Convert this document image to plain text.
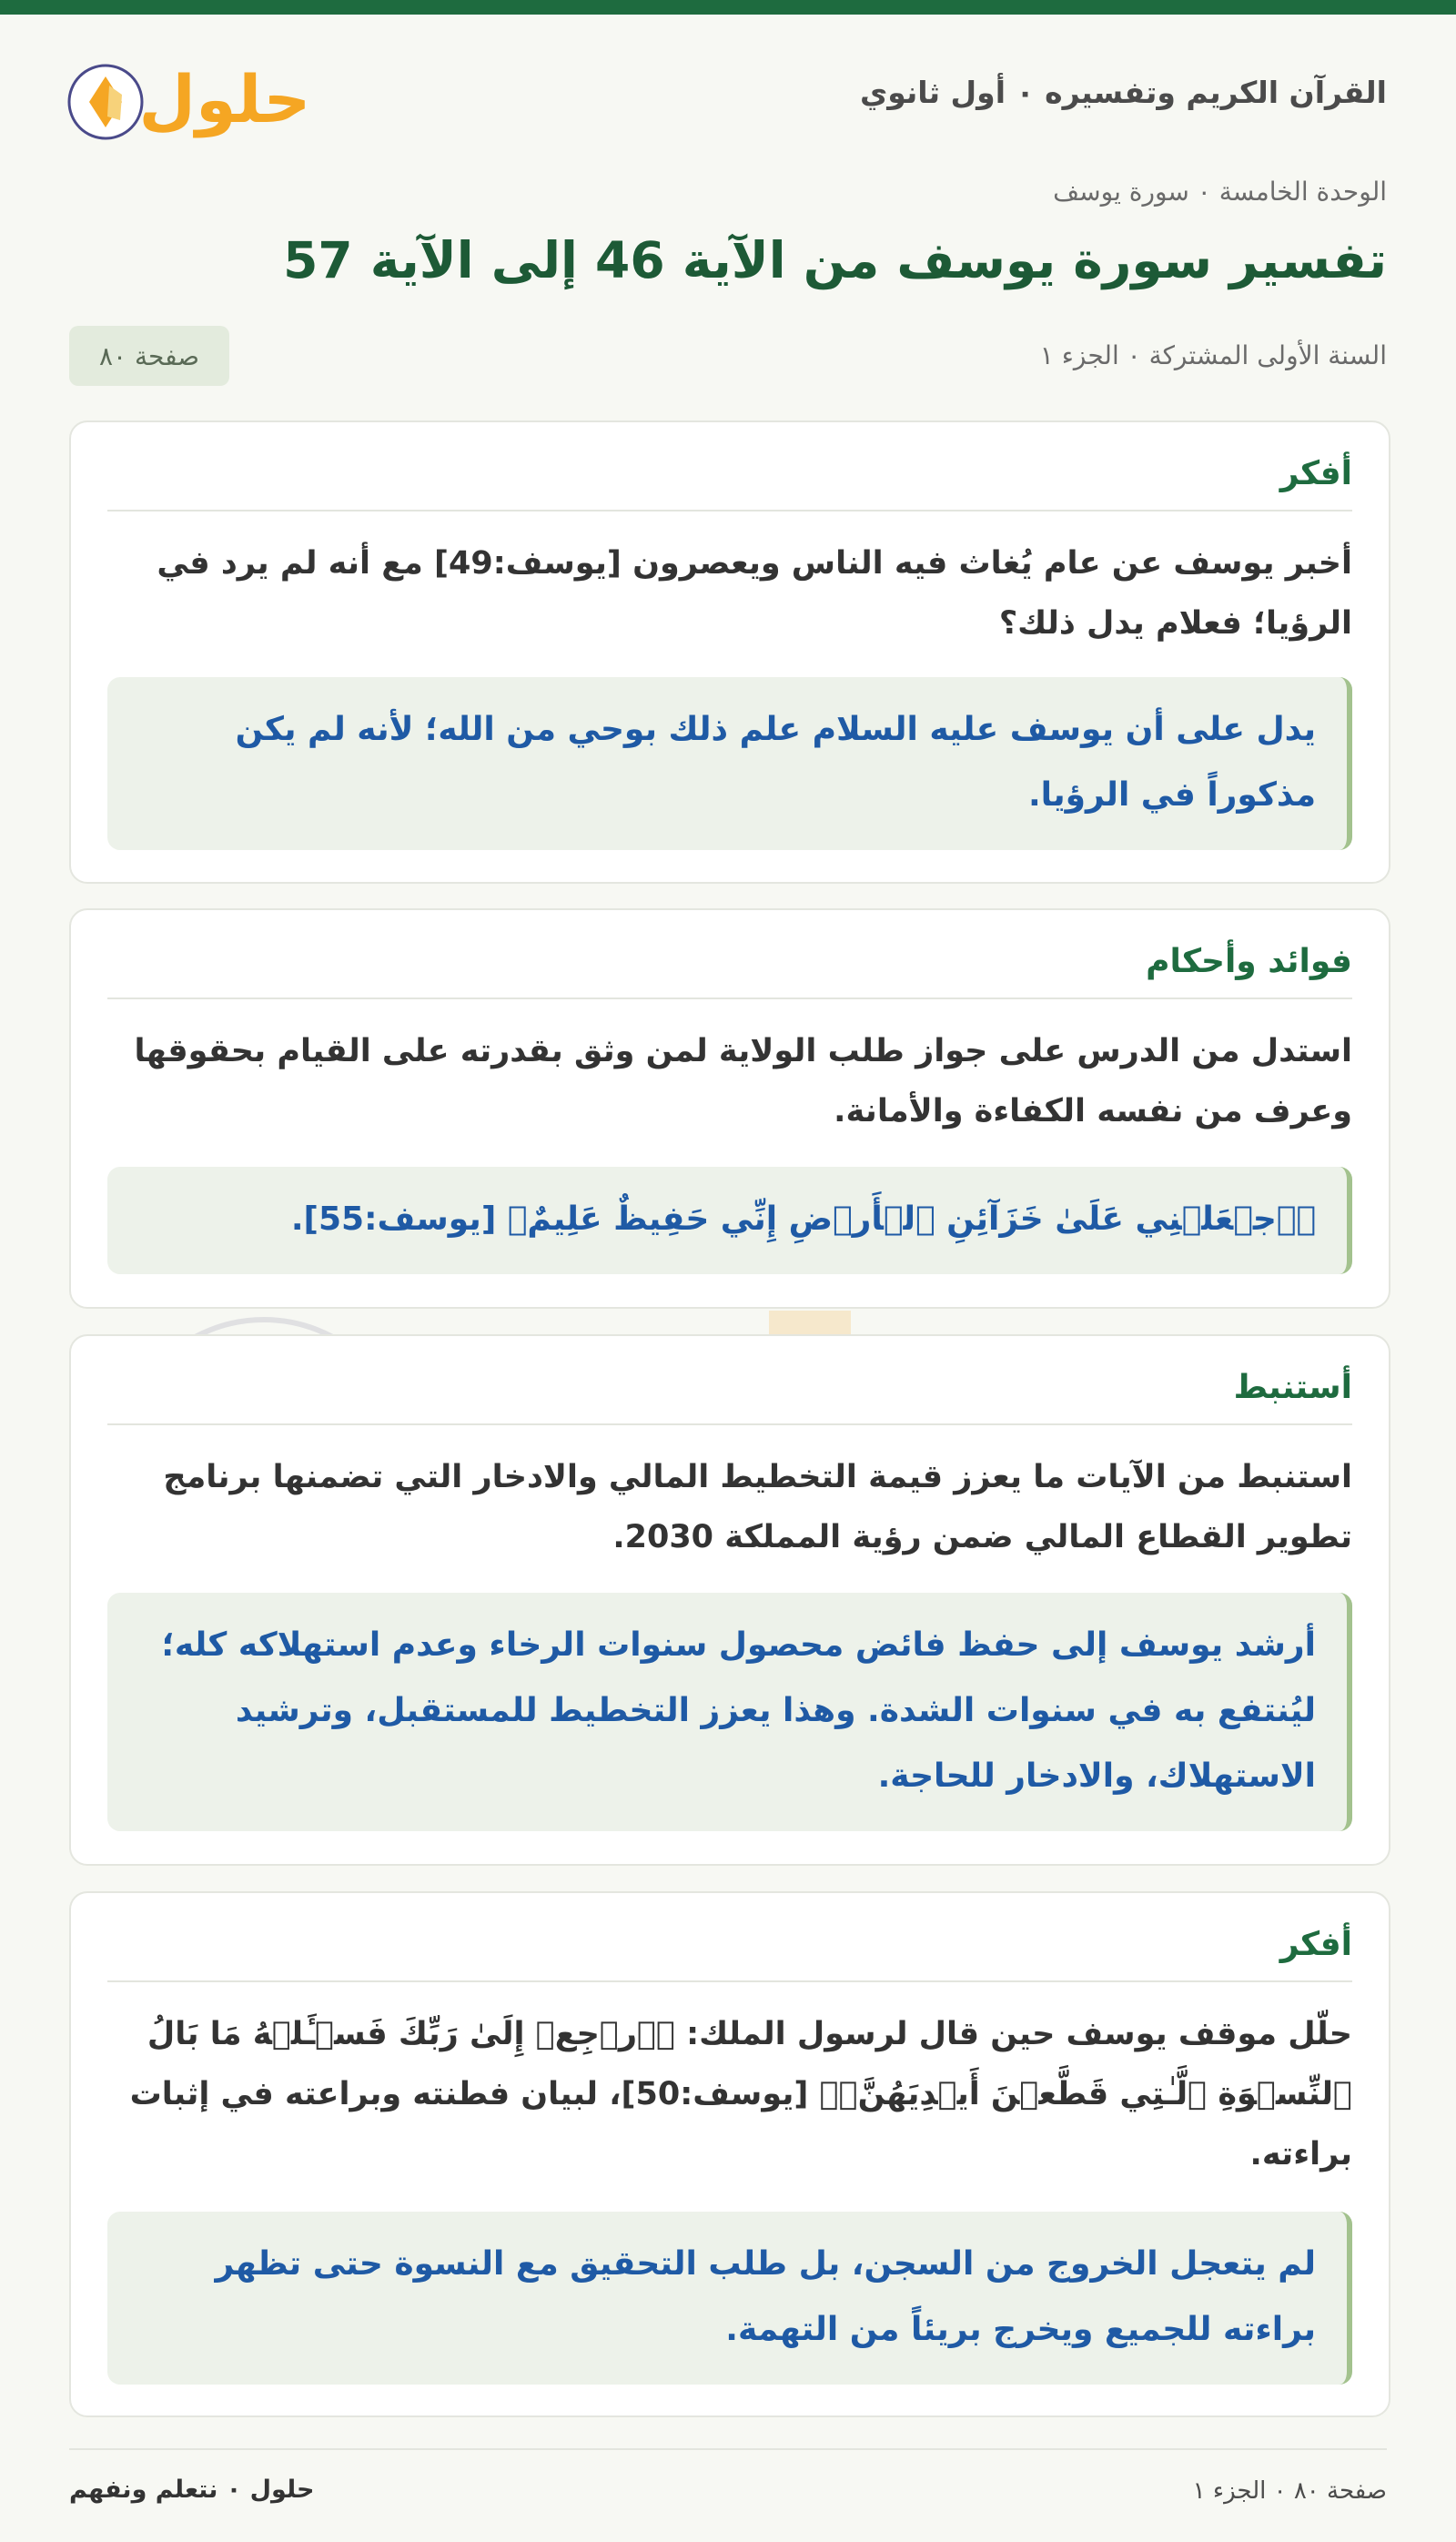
القرآن الكريم وتفسيره ٠ أول ثانوي
حلول
الوحدة الخامسة ٠ سورة يوسف
تفسير سورة يوسف من الآية 46 إلى الآية 57
السنة الأولى المشتركة ٠ الجزء ١
صفحة ٨٠
أفكر
أخبر يوسف عن عام يُغاث فيه الناس ويعصرون [يوسف:49] مع أنه لم يرد في الرؤيا؛ فعلام يدل ذلك؟
يدل على أن يوسف عليه السلام علم ذلك بوحي من الله؛ لأنه لم يكن مذكوراً في الرؤيا.
فوائد وأحكام
استدل من الدرس على جواز طلب الولاية لمن وثق بقدرته على القيام بحقوقها وعرف من نفسه الكفاءة والأمانة.
﴿ٱجۡعَلۡنِي عَلَىٰ خَزَآئِنِ ٱلۡأَرۡضِ إِنِّي حَفِيظٌ عَلِيمٌ﴾ [يوسف:55].
أستنبط
استنبط من الآيات ما يعزز قيمة التخطيط المالي والادخار التي تضمنها برنامج تطوير القطاع المالي ضمن رؤية المملكة 2030.
أرشد يوسف إلى حفظ فائض محصول سنوات الرخاء وعدم استهلاكه كله؛ ليُنتفع به في سنوات الشدة. وهذا يعزز التخطيط للمستقبل، وترشيد الاستهلاك، والادخار للحاجة.
أفكر
حلّل موقف يوسف حين قال لرسول الملك: ﴿ٱرۡجِعۡ إِلَىٰ رَبِّكَ فَسۡـَٔلۡهُ مَا بَالُ ٱلنِّسۡوَةِ ٱلَّـٰتِي قَطَّعۡنَ أَيۡدِيَهُنَّۚ﴾ [يوسف:50]، لبيان فطنته وبراعته في إثبات براءته.
لم يتعجل الخروج من السجن، بل طلب التحقيق مع النسوة حتى تظهر براءته للجميع ويخرج بريئاً من التهمة.
صفحة ٨٠ ٠ الجزء ١
حلول ٠ نتعلم ونفهم
